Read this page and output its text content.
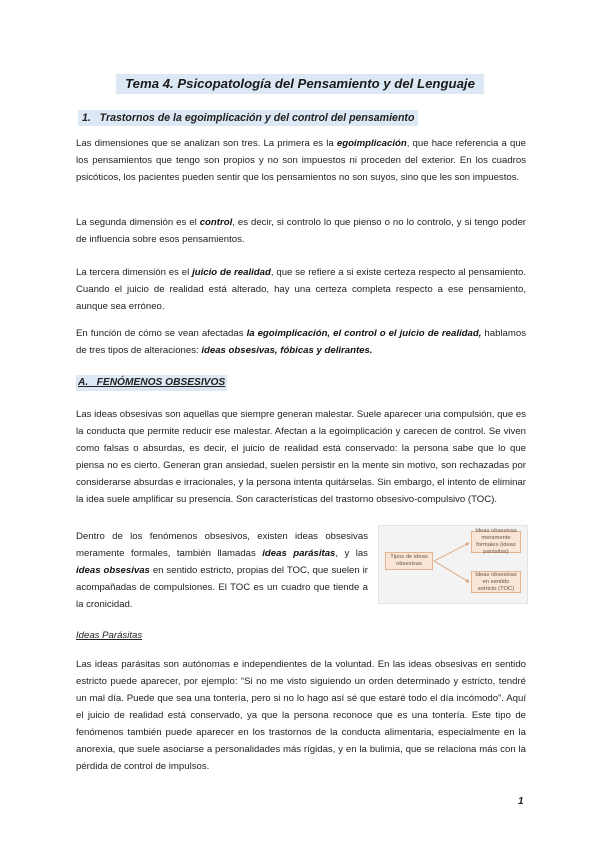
Tema 4. Psicopatología del Pensamiento y del Lenguaje
1.   Trastornos de la egoimplicación y del control del pensamiento

Las dimensiones que se analizan son tres. La primera es la egoimplicación, que hace referencia a que los pensamientos que tengo son propios y no son impuestos ni proceden del exterior. En los cuadros psicóticos, los pacientes pueden sentir que los pensamientos no son suyos, sino que les son impuestos.

La segunda dimensión es el control, es decir, si controlo lo que pienso o no lo controlo, y si tengo poder de influencia sobre esos pensamientos.

La tercera dimensión es el juicio de realidad, que se refiere a si existe certeza respecto al pensamiento. Cuando el juicio de realidad está alterado, hay una certeza completa respecto a ese pensamiento, aunque sea erróneo.

En función de cómo se vean afectadas la egoimplicación, el control o el juicio de realidad, hablamos de tres tipos de alteraciones: ideas obsesivas, fóbicas y delirantes.

A.   FENÓMENOS OBSESIVOS

Las ideas obsesivas son aquellas que siempre generan malestar. Suele aparecer una compulsión, que es la conducta que permite reducir ese malestar. Afectan a la egoimplicación y carecen de control. Se viven como falsas o absurdas, es decir, el juicio de realidad está conservado: la persona sabe que lo que piensa no es cierto. Generan gran ansiedad, suelen persistir en la mente sin motivo, son rechazadas por considerarse absurdas e irracionales, y la persona intenta quitárselas. Sin embargo, el intento de eliminar la idea suele amplificar su presencia. Son características del trastorno obsesivo-compulsivo (TOC).

Dentro de los fenómenos obsesivos, existen ideas obsesivas meramente formales, también llamadas ideas parásitas, y las ideas obsesivas en sentido estricto, propias del TOC, que suelen ir acompañadas de compulsiones. El TOC es un cuadro que tiende a la cronicidad.

Tipos de ideas obsesivas
Ideas obsesivas meramente formales (ideas parásitas)
Ideas obsesivas en sentido estricto (TOC)
Ideas Parásitas

Las ideas parásitas son autónomas e independientes de la voluntad. En las ideas obsesivas en sentido estricto puede aparecer, por ejemplo: “Si no me visto siguiendo un orden determinado y estricto, tendré un mal día. Puede que sea una tontería, pero si no lo hago así sé que estaré todo el día incómodo”. Aquí el juicio de realidad está conservado, ya que la persona reconoce que es una tontería. Este tipo de fenómenos también puede aparecer en los trastornos de la conducta alimentaria, especialmente en la anorexia, que suele asociarse a personalidades más rígidas, y en la bulimia, que se relaciona más con la pérdida de control de impulsos.

1
